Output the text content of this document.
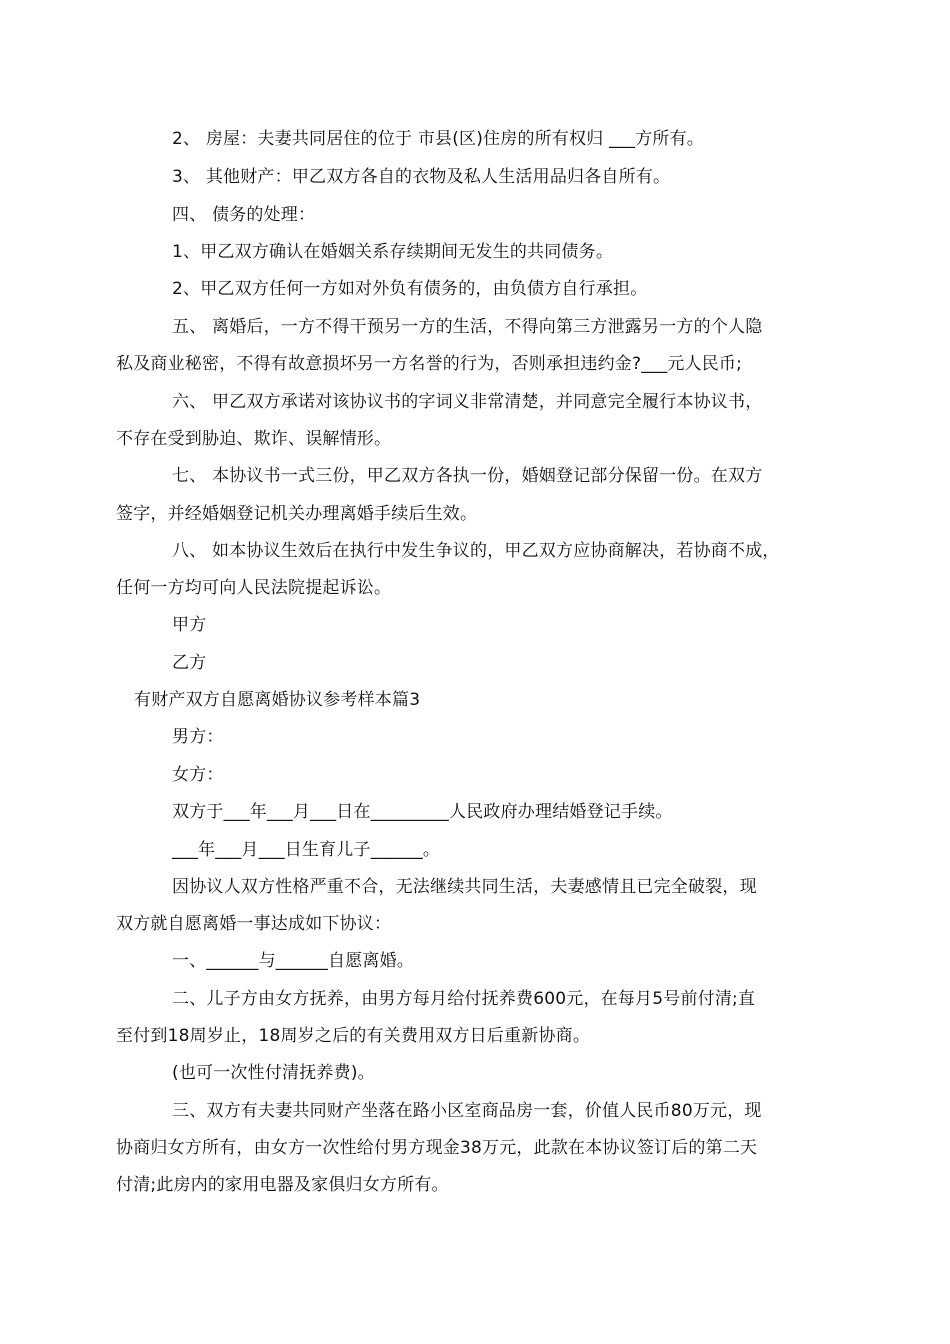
2、 房屋：夫妻共同居住的位于 市县(区)住房的所有权归 ___方所有。
3、 其他财产：甲乙双方各自的衣物及私人生活用品归各自所有。
四、 债务的处理：
1、甲乙双方确认在婚姻关系存续期间无发生的共同债务。
2、甲乙双方任何一方如对外负有债务的，由负债方自行承担。
五、 离婚后，一方不得干预另一方的生活，不得向第三方泄露另一方的个人隐
私及商业秘密，不得有故意损坏另一方名誉的行为，否则承担违约金?___元人民币;
六、 甲乙双方承诺对该协议书的字词义非常清楚，并同意完全履行本协议书，
不存在受到胁迫、欺诈、误解情形。
七、 本协议书一式三份，甲乙双方各执一份，婚姻登记部分保留一份。在双方
签字，并经婚姻登记机关办理离婚手续后生效。
八、 如本协议生效后在执行中发生争议的，甲乙双方应协商解决，若协商不成，
任何一方均可向人民法院提起诉讼。
甲方
乙方
有财产双方自愿离婚协议参考样本篇3
男方：
女方：
双方于___年___月___日在_________人民政府办理结婚登记手续。
___年___月___日生育儿子______。
因协议人双方性格严重不合，无法继续共同生活，夫妻感情且已完全破裂，现
双方就自愿离婚一事达成如下协议：
一、______与______自愿离婚。
二、儿子方由女方抚养，由男方每月给付抚养费600元，在每月5号前付清;直
至付到18周岁止，18周岁之后的有关费用双方日后重新协商。
(也可一次性付清抚养费)。
三、双方有夫妻共同财产坐落在路小区室商品房一套，价值人民币80万元，现
协商归女方所有，由女方一次性给付男方现金38万元，此款在本协议签订后的第二天
付清;此房内的家用电器及家俱归女方所有。
